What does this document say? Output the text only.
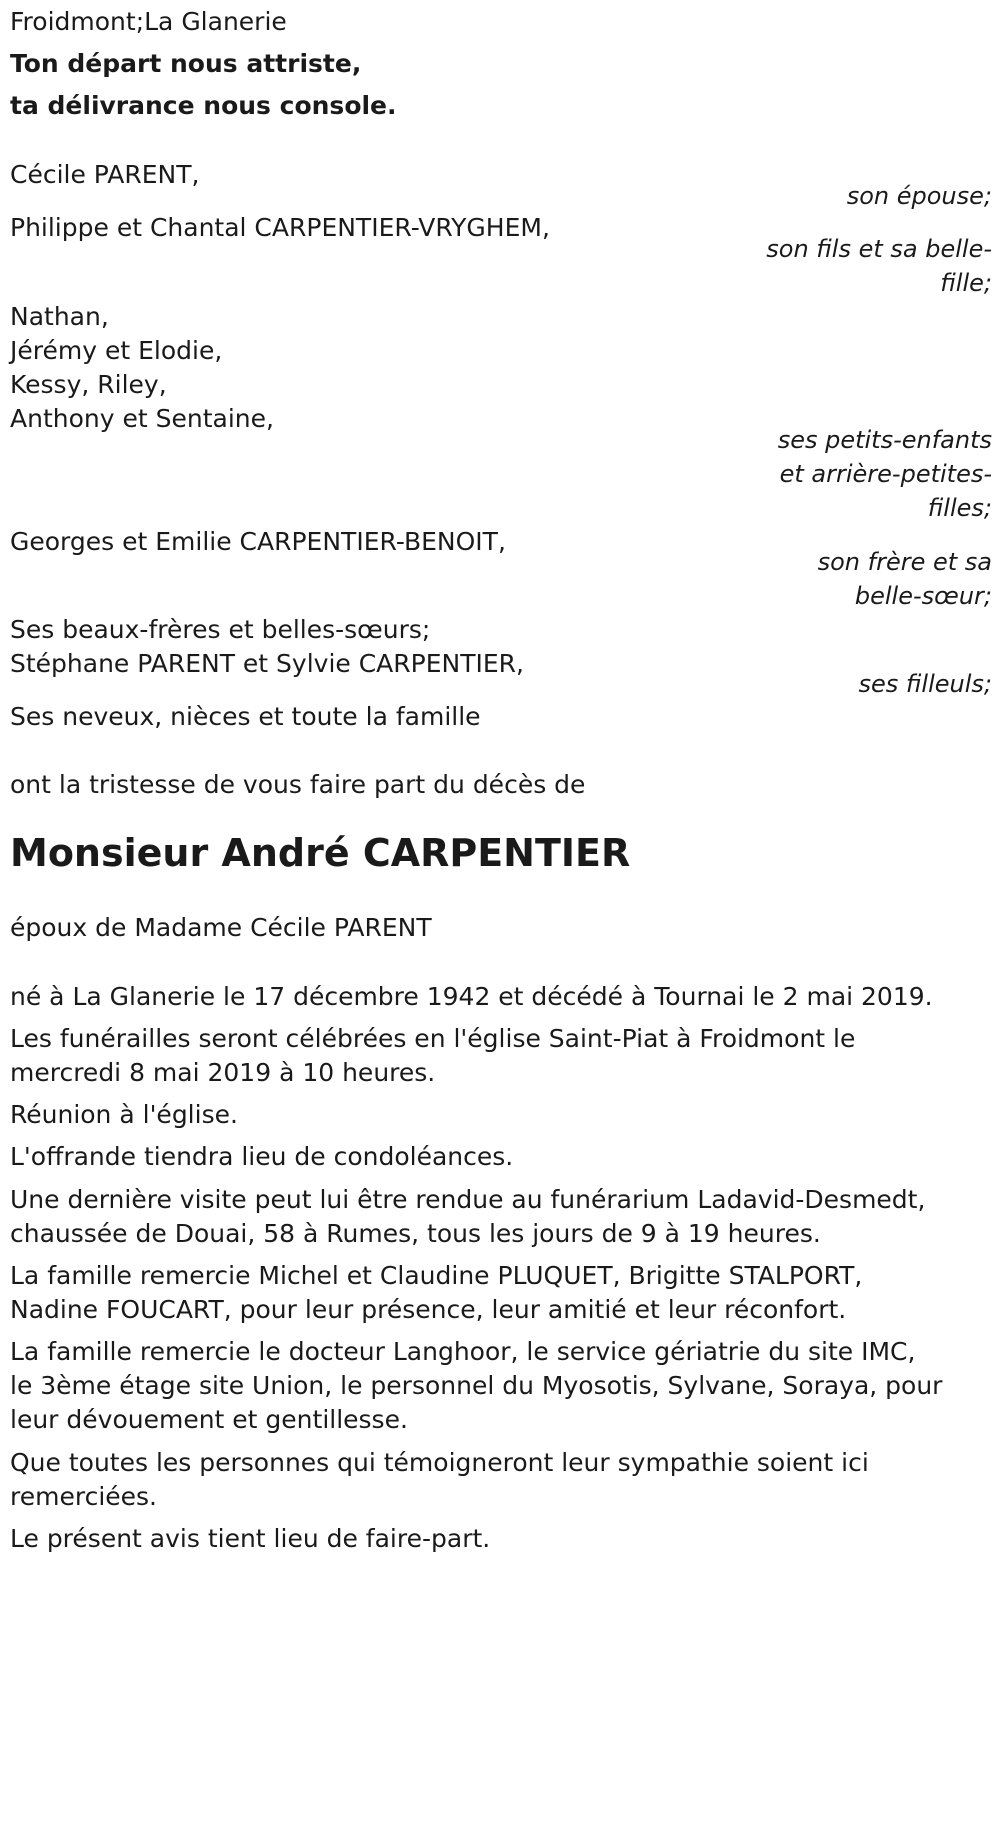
Froidmont;La Glanerie

Ton départ nous attriste,

ta délivrance nous console.

Cécile PARENT,

son épouse;

Philippe et Chantal CARPENTIER-VRYGHEM,

son fils et sa belle-

fille;

Nathan,

Jérémy et Elodie,

Kessy, Riley,

Anthony et Sentaine,

ses petits-enfants

et arrière-petites-

filles;

Georges et Emilie CARPENTIER-BENOIT,

son frère et sa

belle-sœur;

Ses beaux-frères et belles-sœurs;

Stéphane PARENT et Sylvie CARPENTIER,

ses filleuls;

Ses neveux, nièces et toute la famille

ont la tristesse de vous faire part du décès de

Monsieur André CARPENTIER

époux de Madame Cécile PARENT

né à La Glanerie le 17 décembre 1942 et décédé à Tournai le 2 mai 2019.

Les funérailles seront célébrées en l'église Saint-Piat à Froidmont le

mercredi 8 mai 2019 à 10 heures.

Réunion à l'église.

L'offrande tiendra lieu de condoléances.

Une dernière visite peut lui être rendue au funérarium Ladavid-Desmedt,

chaussée de Douai, 58 à Rumes, tous les jours de 9 à 19 heures.

La famille remercie Michel et Claudine PLUQUET, Brigitte STALPORT,

Nadine FOUCART, pour leur présence, leur amitié et leur réconfort.

La famille remercie le docteur Langhoor, le service gériatrie du site IMC,

le 3ème étage site Union, le personnel du Myosotis, Sylvane, Soraya, pour

leur dévouement et gentillesse.

Que toutes les personnes qui témoigneront leur sympathie soient ici

remerciées.

Le présent avis tient lieu de faire-part.
